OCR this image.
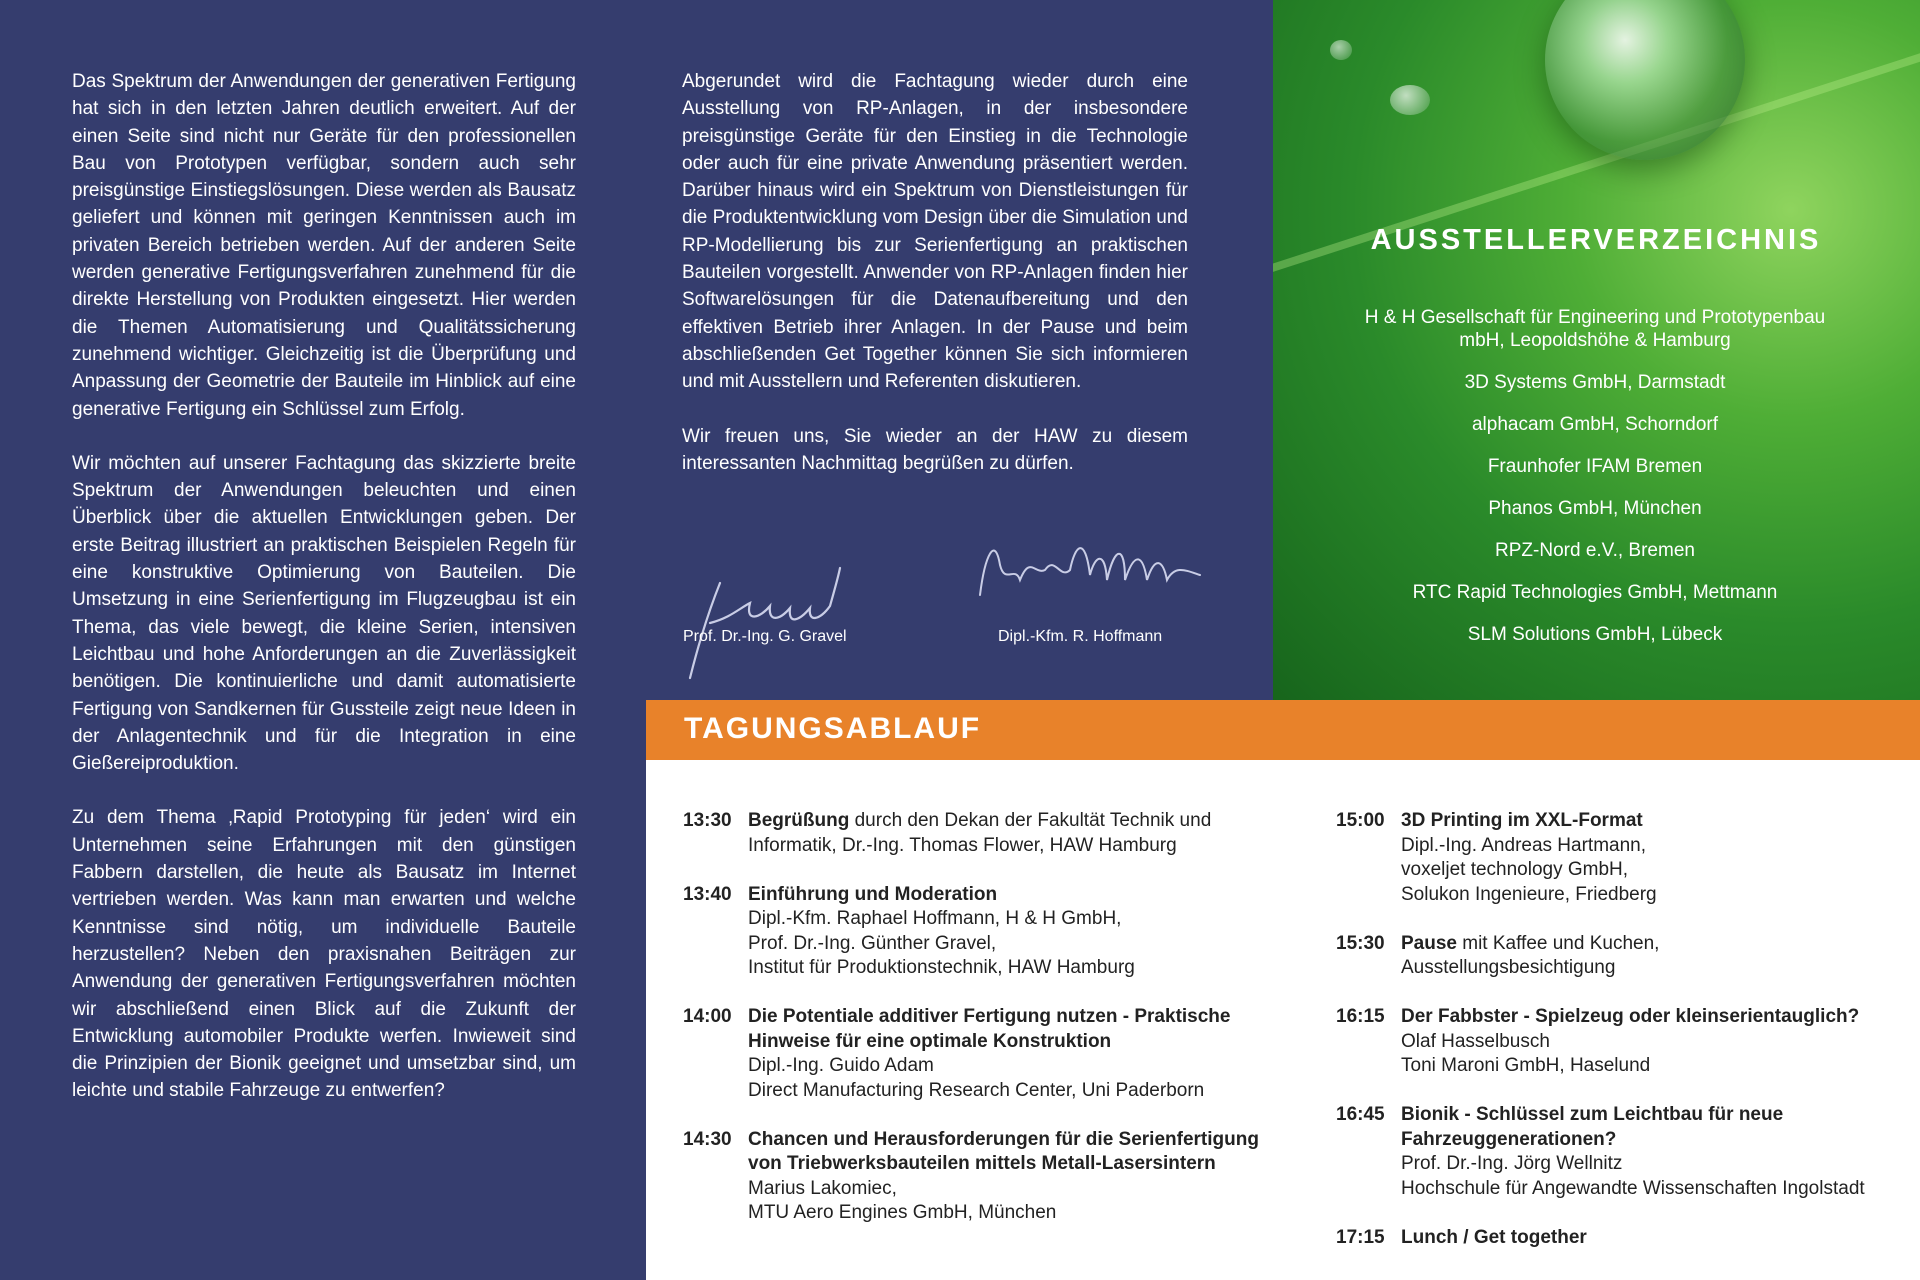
Das Spektrum der Anwendungen der generativen Fertigung hat sich in den letzten Jahren deutlich erweitert. Auf der einen Seite sind nicht nur Geräte für den professionellen Bau von Prototypen verfügbar, sondern auch sehr preisgünstige Einstiegslösungen. Diese werden als Bausatz geliefert und können mit geringen Kenntnissen auch im privaten Bereich betrieben werden. Auf der anderen Seite werden generative Fertigungsverfahren zunehmend für die direkte Herstellung von Produkten eingesetzt. Hier werden die Themen Automatisierung und Qualitätssicherung zunehmend wichtiger. Gleichzeitig ist die Überprüfung und Anpassung der Geometrie der Bauteile im Hinblick auf eine generative Fertigung ein Schlüssel zum Erfolg.

Wir möchten auf unserer Fachtagung das skizzierte breite Spektrum der Anwendungen beleuchten und einen Überblick über die aktuellen Entwicklungen geben. Der erste Beitrag illustriert an praktischen Beispielen Regeln für eine konstruktive Optimierung von Bauteilen. Die Umsetzung in eine Serienfertigung im Flugzeugbau ist ein Thema, das viele bewegt, die kleine Serien, intensiven Leichtbau und hohe Anforderungen an die Zuverlässigkeit benötigen. Die kontinuierliche und damit automatisierte Fertigung von Sandkernen für Gussteile zeigt neue Ideen in der Anlagentechnik und für die Integration in eine Gießereiproduktion.

Zu dem Thema ‚Rapid Prototyping für jeden‘ wird ein Unternehmen seine Erfahrungen mit den günstigen Fabbern darstellen, die heute als Bausatz im Internet vertrieben werden. Was kann man erwarten und welche Kenntnisse sind nötig, um individuelle Bauteile herzustellen? Neben den praxisnahen Beiträgen zur Anwendung der generativen Fertigungsverfahren möchten wir abschließend einen Blick auf die Zukunft der Entwicklung automobiler Produkte werfen. Inwieweit sind die Prinzipien der Bionik geeignet und umsetzbar sind, um leichte und stabile Fahrzeuge zu entwerfen?

Abgerundet wird die Fachtagung wieder durch eine Ausstellung von RP-Anlagen, in der insbesondere preisgünstige Geräte für den Einstieg in die Technologie oder auch für eine private Anwendung präsentiert werden. Darüber hinaus wird ein Spektrum von Dienstleistungen für die Produktentwicklung vom Design über die Simulation und RP-Modellierung bis zur Serienfertigung an praktischen Bauteilen vorgestellt. Anwender von RP-Anlagen finden hier Softwarelösungen für die Datenaufbereitung und den effektiven Betrieb ihrer Anlagen. In der Pause und beim abschließenden Get Together können Sie sich informieren und mit Ausstellern und Referenten diskutieren.

Wir freuen uns, Sie wieder an der HAW zu diesem interessanten Nachmittag begrüßen zu dürfen.

Prof. Dr.-Ing. G. Gravel	Dipl.-Kfm. R. Hoffmann
AUSSTELLERVERZEICHNIS
H & H Gesellschaft für Engineering und Prototypenbau mbH, Leopoldshöhe & Hamburg
3D Systems GmbH, Darmstadt
alphacam GmbH, Schorndorf
Fraunhofer IFAM Bremen
Phanos GmbH, München
RPZ-Nord e.V., Bremen
RTC Rapid Technologies GmbH, Mettmann
SLM Solutions GmbH, Lübeck
TAGUNGSABLAUF
13:30 Begrüßung durch den Dekan der Fakultät Technik und
Informatik, Dr.-Ing. Thomas Flower, HAW Hamburg
13:40 Einführung und Moderation
Dipl.-Kfm. Raphael Hoffmann, H & H GmbH,
Prof. Dr.-Ing. Günther Gravel,
Institut für Produktionstechnik, HAW Hamburg
14:00 Die Potentiale additiver Fertigung nutzen - Praktische Hinweise für eine optimale Konstruktion
Dipl.-Ing. Guido Adam
Direct Manufacturing Research Center, Uni Paderborn
14:30 Chancen und Herausforderungen für die Serienfertigung von Triebwerksbauteilen mittels Metall-Lasersintern
Marius Lakomiec,
MTU Aero Engines GmbH, München
15:00 3D Printing im XXL-Format
Dipl.-Ing. Andreas Hartmann,
voxeljet technology GmbH,
Solukon Ingenieure, Friedberg
15:30 Pause mit Kaffee und Kuchen,
Ausstellungsbesichtigung
16:15 Der Fabbster - Spielzeug oder kleinserientauglich?
Olaf Hasselbusch
Toni Maroni GmbH, Haselund
16:45 Bionik - Schlüssel zum Leichtbau für neue Fahrzeuggenerationen?
Prof. Dr.-Ing. Jörg Wellnitz
Hochschule für Angewandte Wissenschaften Ingolstadt
17:15 Lunch / Get together
